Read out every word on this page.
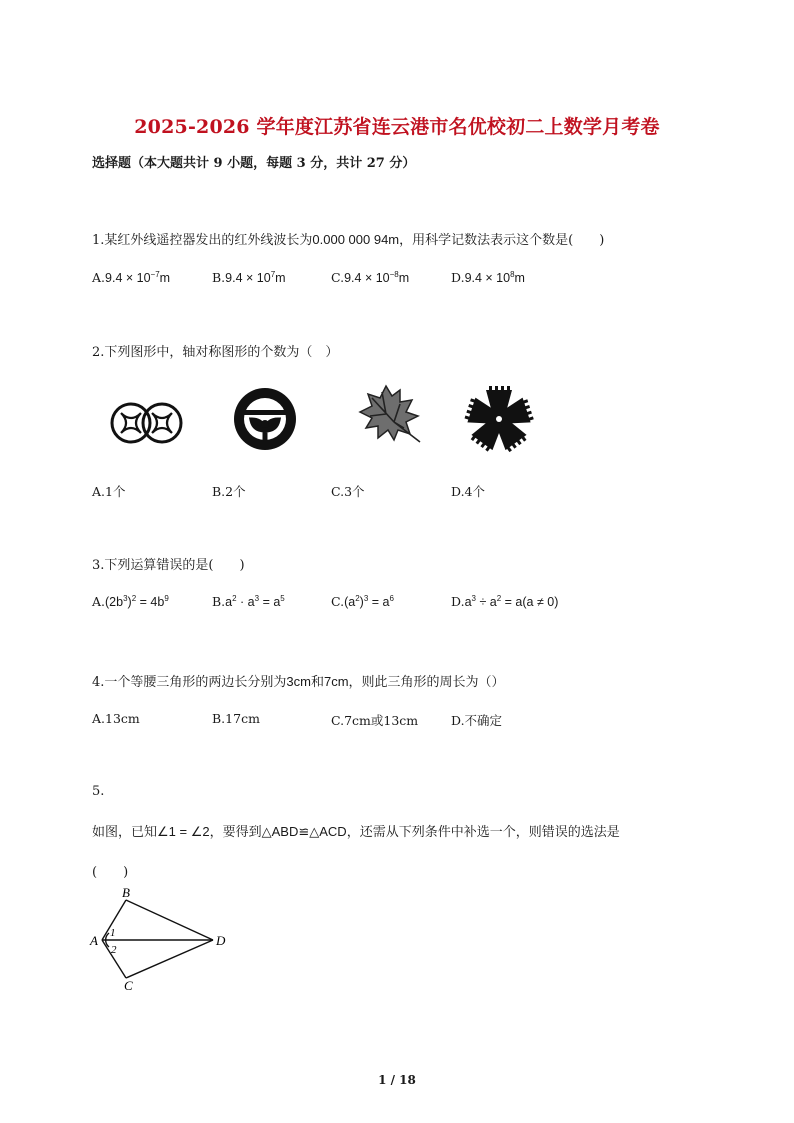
2025-2026 学年度江苏省连云港市名优校初二上数学月考卷
选择题（本大题共计 9 小题，每题 3 分，共计 27 分）
1.某红外线遥控器发出的红外线波长为0.000 000 94m，用科学记数法表示这个数是(　　)
$A.9.4 \times 10^{-7}m$	$B.9.4 \times 10^7m$	$C.9.4 \times 10^{-8}m$	$D.9.4 \times 10^8m$
2.下列图形中，轴对称图形的个数为（　）
A.1个	B.2个	C.3个	D.4个
3.下列运算错误的是(　　)
$A.(2b^3)^2 = 4b^9$	$B.a^2 \cdot a^3 = a^5$	$C.(a^2)^3 = a^6$	$D.a^3 \div a^2 = a(a \ne 0)$
4.一个等腰三角形的两边长分别为3cm和7cm，则此三角形的周长为（）
A.13cm	B.17cm	C.7cm或13cm	D.不确定
5.
如图，已知∠1 = ∠2，要得到△ABD≌△ACD，还需从下列条件中补选一个，则错误的选法是
(　　)
B
A	D
C
1
2
1 / 18
